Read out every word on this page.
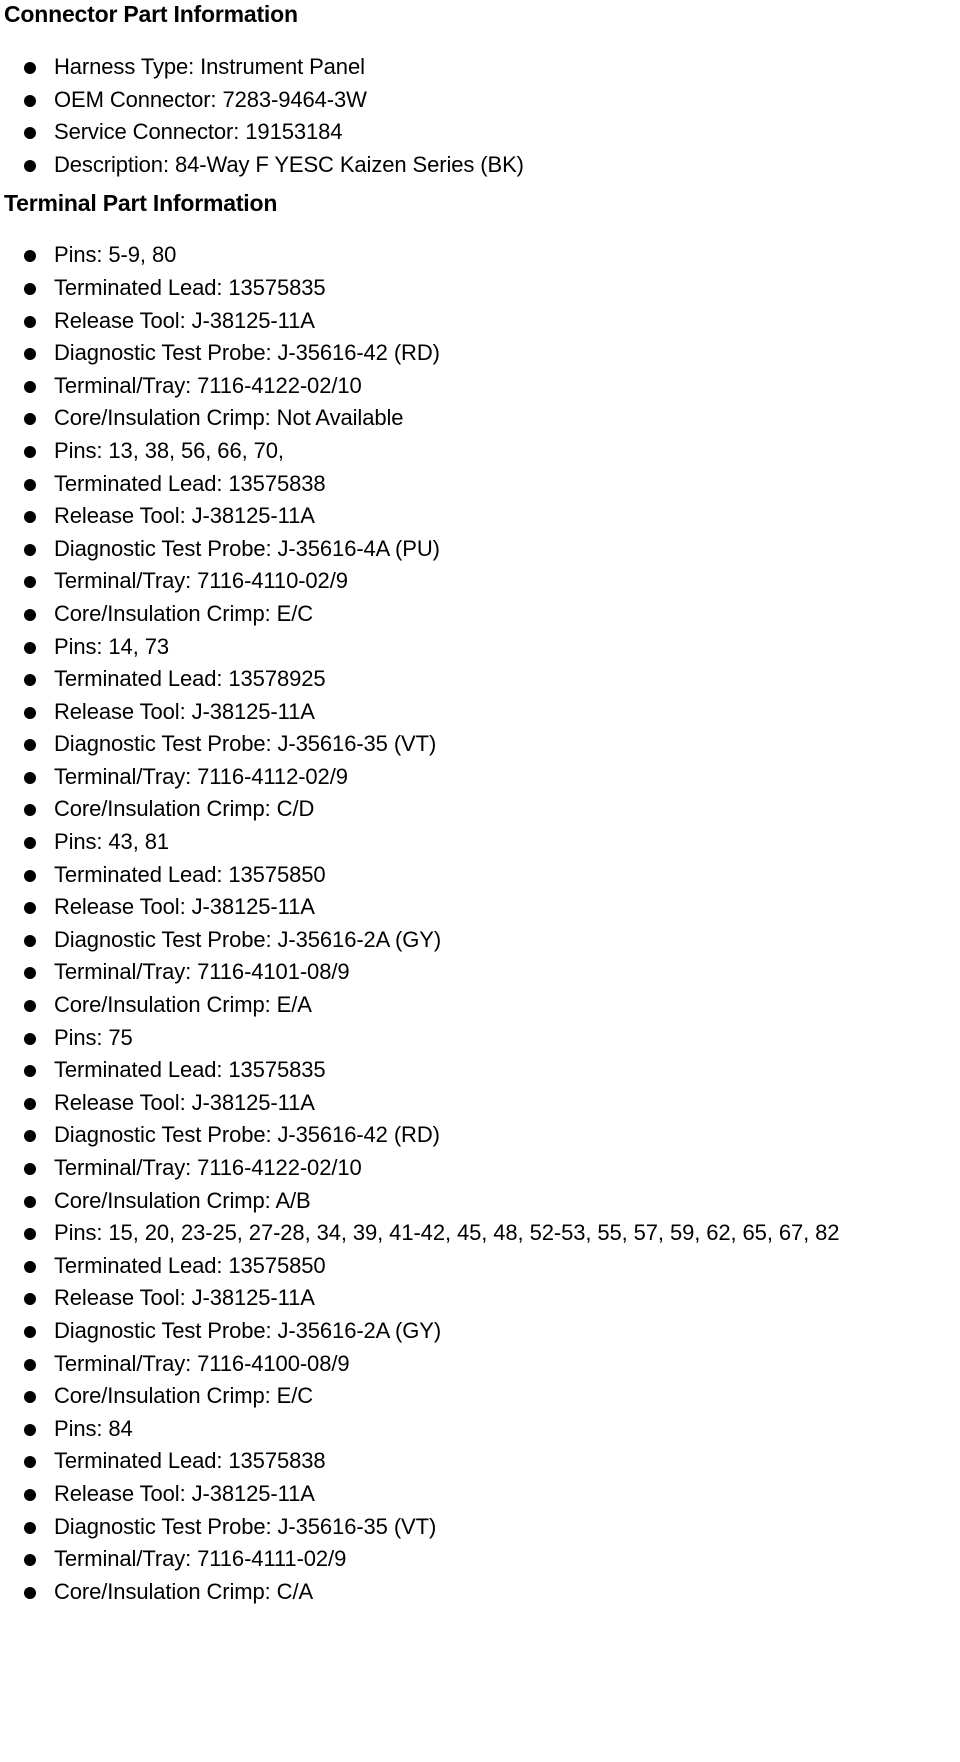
Connector Part Information
Harness Type: Instrument Panel
OEM Connector: 7283-9464-3W
Service Connector: 19153184
Description: 84-Way F YESC Kaizen Series (BK)
Terminal Part Information
Pins: 5-9, 80
Terminated Lead: 13575835
Release Tool: J-38125-11A
Diagnostic Test Probe: J-35616-42 (RD)
Terminal/Tray: 7116-4122-02/10
Core/Insulation Crimp: Not Available
Pins: 13, 38, 56, 66, 70,
Terminated Lead: 13575838
Release Tool: J-38125-11A
Diagnostic Test Probe: J-35616-4A (PU)
Terminal/Tray: 7116-4110-02/9
Core/Insulation Crimp: E/C
Pins: 14, 73
Terminated Lead: 13578925
Release Tool: J-38125-11A
Diagnostic Test Probe: J-35616-35 (VT)
Terminal/Tray: 7116-4112-02/9
Core/Insulation Crimp: C/D
Pins: 43, 81
Terminated Lead: 13575850
Release Tool: J-38125-11A
Diagnostic Test Probe: J-35616-2A (GY)
Terminal/Tray: 7116-4101-08/9
Core/Insulation Crimp: E/A
Pins: 75
Terminated Lead: 13575835
Release Tool: J-38125-11A
Diagnostic Test Probe: J-35616-42 (RD)
Terminal/Tray: 7116-4122-02/10
Core/Insulation Crimp: A/B
Pins: 15, 20, 23-25, 27-28, 34, 39, 41-42, 45, 48, 52-53, 55, 57, 59, 62, 65, 67, 82
Terminated Lead: 13575850
Release Tool: J-38125-11A
Diagnostic Test Probe: J-35616-2A (GY)
Terminal/Tray: 7116-4100-08/9
Core/Insulation Crimp: E/C
Pins: 84
Terminated Lead: 13575838
Release Tool: J-38125-11A
Diagnostic Test Probe: J-35616-35 (VT)
Terminal/Tray: 7116-4111-02/9
Core/Insulation Crimp: C/A
